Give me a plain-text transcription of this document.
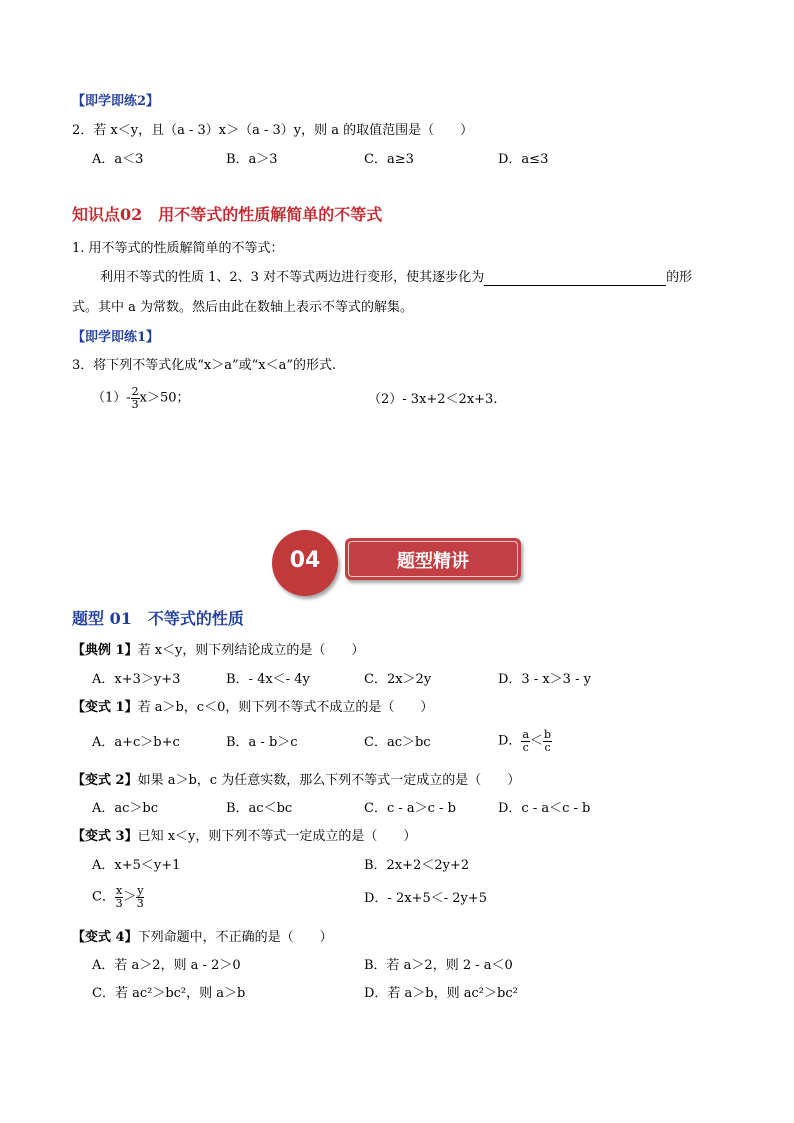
【即学即练2】
2．若 x＜y，且（a - 3）x＞（a - 3）y，则 a 的取值范围是（　　）
A．a＜3	B．a＞3	C．a≥3	D．a≤3
知识点02　用不等式的性质解简单的不等式
1. 用不等式的性质解简单的不等式：
利用不等式的性质 1、2、3 对不等式两边进行变形，使其逐步化为	的形
式。其中 a 为常数。然后由此在数轴上表示不等式的解集。
【即学即练1】
3．将下列不等式化成“x＞a”或“x＜a”的形式.
$(1)- \frac{2}{3} x>50$；	（2）- 3x+2＜2x+3.
04	题型精讲
题型 01　不等式的性质
【典例 1】若 x＜y，则下列结论成立的是（　　）
A．x+3＞y+3	B．- 4x＜- 4y	C．2x＞2y	D．3 - x＞3 - y
【变式 1】若 a＞b，c＜0，则下列不等式不成立的是（　　）
A．a+c＞b+c	B．a - b＞c	C．ac＞bc	D． $\frac{a}{c} < \frac{b}{c}$
【变式 2】如果 a＞b，c 为任意实数，那么下列不等式一定成立的是（　　）
A．ac＞bc	B．ac＜bc	C．c - a＞c - b	D．c - a＜c - b
【变式 3】已知 x＜y，则下列不等式一定成立的是（　　）
A．x+5＜y+1	B．2x+2＜2y+2
C． $\frac{x}{3} > \frac{y}{3}$	D．- 2x+5＜- 2y+5
【变式 4】下列命题中，不正确的是（　　）
A．若 a＞2，则 a - 2＞0	B．若 a＞2，则 2 - a＜0
C．若 ac²＞bc²，则 a＞b	D．若 a＞b，则 ac²＞bc²
